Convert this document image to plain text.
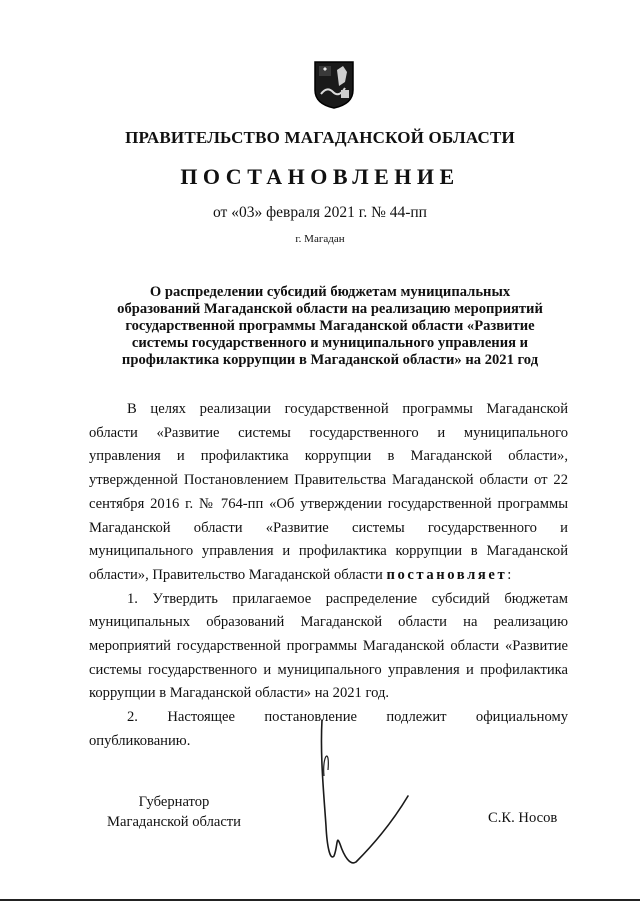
ПРАВИТЕЛЬСТВО МАГАДАНСКОЙ ОБЛАСТИ
ПОСТАНОВЛЕНИЕ
от «03» февраля 2021 г. № 44-пп
г. Магадан
О распределении субсидий бюджетам муниципальных
образований Магаданской области на реализацию мероприятий
государственной программы Магаданской области «Развитие
системы государственного и муниципального управления и
профилактика коррупции в Магаданской области» на 2021 год

В целях реализации государственной программы Магаданской области «Развитие системы государственного и муниципального управления и профилактика коррупции в Магаданской области», утвержденной Постановлением Правительства Магаданской области от 22 сентября 2016 г. № 764-пп «Об утверждении государственной программы Магаданской области «Развитие системы государственного и муниципального управления и профилактика коррупции в Магаданской области», Правительство Магаданской области постановляет:

1. Утвердить прилагаемое распределение субсидий бюджетам муниципальных образований Магаданской области на реализацию мероприятий государственной программы Магаданской области «Развитие системы государственного и муниципального управления и профилактика коррупции в Магаданской области» на 2021 год.

2. Настоящее постановление подлежит официальному опубликованию.

Губернатор
Магаданской области	С.К. Носов
